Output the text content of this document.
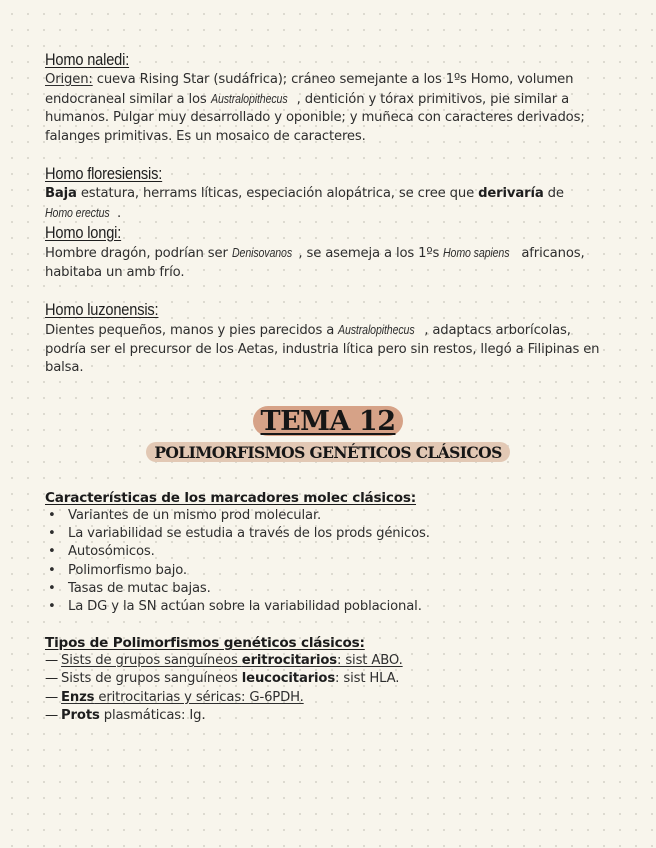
Homo naledi:

Origen: cueva Rising Star (sudáfrica); cráneo semejante a los 1ºs Homo, volumen endocraneal similar a los Australopithecus , dentición y tórax primitivos, pie similar a humanos. Pulgar muy desarrollado y oponible; y muñeca con caracteres derivados; falanges primitivas. Es un mosaico de caracteres.

Homo floresiensis:

Baja estatura, herrams líticas, especiación alopátrica, se cree que derivaría de Homo erectus .

Homo longi:

Hombre dragón, podrían ser Denisovanos , se asemeja a los 1ºs Homo sapiens africanos, habitaba un amb frío.

Homo luzonensis:

Dientes pequeños, manos y pies parecidos a Australopithecus , adaptacs arborícolas, podría ser el precursor de los Aetas, industria lítica pero sin restos, llegó a Filipinas en balsa.

Características de los marcadores molec clásicos:
• Variantes de un mismo prod molecular.
• La variabilidad se estudia a través de los prods génicos.
• Autosómicos.
• Polimorfismo bajo.
• Tasas de mutac bajas.
• La DG y la SN actúan sobre la variabilidad poblacional.
Tipos de Polimorfismos genéticos clásicos:
— Sists de grupos sanguíneos eritrocitarios: sist ABO.
— Sists de grupos sanguíneos leucocitarios: sist HLA.
— Enzs eritrocitarias y séricas: G-6PDH.
— Prots plasmáticas: Ig.
TEMA 12
POLIMORFISMOS GENÉTICOS CLÁSICOS
